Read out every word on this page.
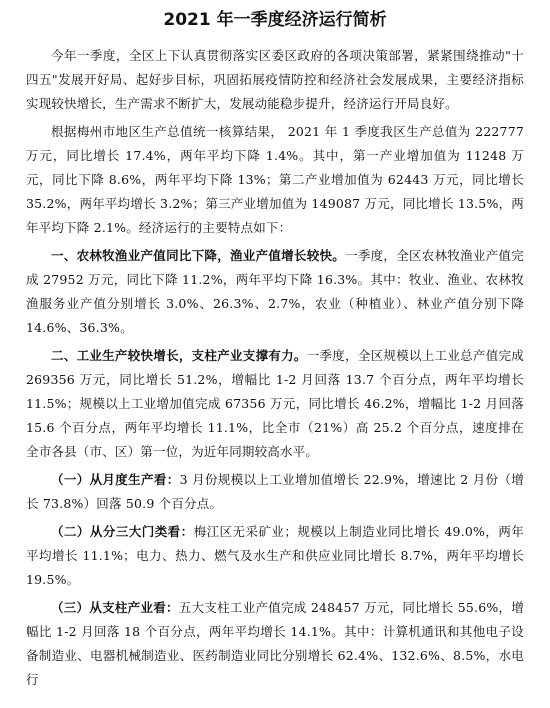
2021 年一季度经济运行简析

今年一季度，全区上下认真贯彻落实区委区政府的各项决策部署，紧紧围绕推动"十四五"发展开好局、起好步目标，巩固拓展疫情防控和经济社会发展成果，主要经济指标实现较快增长，生产需求不断扩大，发展动能稳步提升，经济运行开局良好。

根据梅州市地区生产总值统一核算结果， 2021 年 1 季度我区生产总值为 222777 万元，同比增长 17.4%，两年平均下降 1.4%。其中，第一产业增加值为 11248 万元，同比下降 8.6%，两年平均下降 13%；第二产业增加值为 62443 万元，同比增长 35.2%，两年平均增长 3.2%；第三产业增加值为 149087 万元，同比增长 13.5%，两年平均下降 2.1%。经济运行的主要特点如下：

一、农林牧渔业产值同比下降，渔业产值增长较快。一季度，全区农林牧渔业产值完成 27952 万元，同比下降 11.2%，两年平均下降 16.3%。其中：牧业、渔业、农林牧渔服务业产值分别增长 3.0%、26.3%、2.7%，农业（种植业）、林业产值分别下降 14.6%、36.3%。

二、工业生产较快增长，支柱产业支撑有力。一季度，全区规模以上工业总产值完成 269356 万元，同比增长 51.2%，增幅比 1-2 月回落 13.7 个百分点，两年平均增长 11.5%；规模以上工业增加值完成 67356 万元，同比增长 46.2%，增幅比 1-2 月回落 15.6 个百分点，两年平均增长 11.1%，比全市（21%）高 25.2 个百分点，速度排在全市各县（市、区）第一位，为近年同期较高水平。

（一）从月度生产看：3 月份规模以上工业增加值增长 22.9%，增速比 2 月份（增长 73.8%）回落 50.9 个百分点。

（二）从分三大门类看：梅江区无采矿业；规模以上制造业同比增长 49.0%，两年平均增长 11.1%；电力、热力、燃气及水生产和供应业同比增长 8.7%，两年平均增长 19.5%。

（三）从支柱产业看：五大支柱工业产值完成 248457 万元，同比增长 55.6%，增幅比 1-2 月回落 18 个百分点，两年平均增长 14.1%。其中：计算机通讯和其他电子设备制造业、电器机械制造业、医药制造业同比分别增长 62.4%、132.6%、8.5%，水电行
